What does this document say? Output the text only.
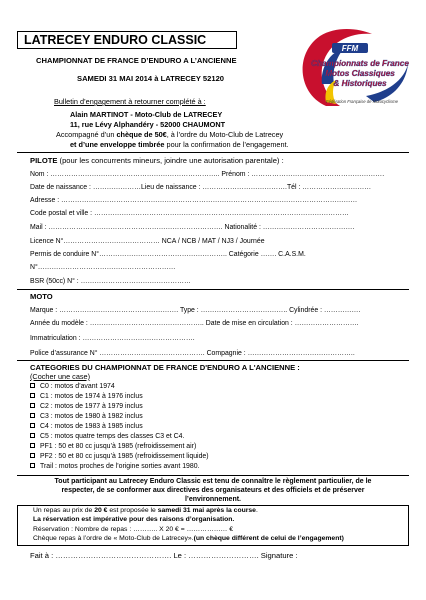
LATRECEY ENDURO CLASSIC
FFM
Championnats de France
Motos Classiques
& Historiques
Fédération Française de Motocyclisme
CHAMPIONNAT DE FRANCE D’ENDURO A L’ANCIENNE
SAMEDI 31 MAI 2014 à LATRECEY 52120
Bulletin d’engagement à retourner complété à :
Alain MARTINOT - Moto-Club de LATRECEY
11, rue Lévy Alphandéry - 52000 CHAUMONT
Accompagné d’un chèque de 50€, à l’ordre du Moto-Club de Latrecey
et d’une enveloppe timbrée pour la confirmation de l’engagement.
PILOTE (pour les concurrents mineurs, joindre une autorisation parentale) :
Nom : ……………………………………………………………….. Prénom : ………………………………………………….
Date de naissance : …………………Lieu de naissance : ……………………………….Tél : …………………………
Adresse : …………………………………………………………………………………………………………………
Code postal et ville : …………………………………………………………………………………………………
Mail : …………………………………………………………………. Nationalité : ………………………………….
Licence N°…………………………………… NCA / NCB / MAT / NJ3 / Journée
Permis de conduire N°……………………………………………….. Catégorie ……. C.A.S.M.
N°……………………………………………………
BSR (50cc) N° : …………………………………………
MOTO
Marque : ……………………………………………. Type : ……………………………….. Cylindrée : …………….
Année du modèle : ………………………………………….. Date de mise en circulation : ……………………….
Immatriculation : ………………………………………….
Police d’assurance N° ………………………………………. Compagnie : ………………………………………..
CATEGORIES DU CHAMPIONNAT DE FRANCE D'ENDURO A L'ANCIENNE :
(Cocher une case)
C0 : motos d’avant 1974
C1 : motos de 1974 à 1976 inclus
C2 : motos de 1977 à 1979 inclus
C3 : motos de 1980 à 1982 inclus
C4 : motos de 1983 à 1985 inclus
C5 : motos quatre temps des classes C3 et C4.
PF1 : 50 et 80 cc jusqu’à 1985 (refroidissement air)
PF2 : 50 et 80 cc jusqu’à 1985 (refroidissement liquide)
Trail : motos proches de l’origine sorties avant 1980.
Tout participant au Latrecey Enduro Classic est tenu de connaître le règlement particulier, de le
respecter, de se conformer aux directives des organisateurs et des officiels et de préserver
l’environnement.
Un repas au prix de 20 € est proposée le samedi 31 mai après la course.
La réservation est impérative pour des raisons d’organisation.
Réservation : Nombre de repas : ……….. X 20 € = ……………… €
Chèque repas à l’ordre de « Moto-Club de Latrecey».(un chèque différent de celui de l’engagement)
Fait à : ………………………………………. Le : ………………………. Signature :
